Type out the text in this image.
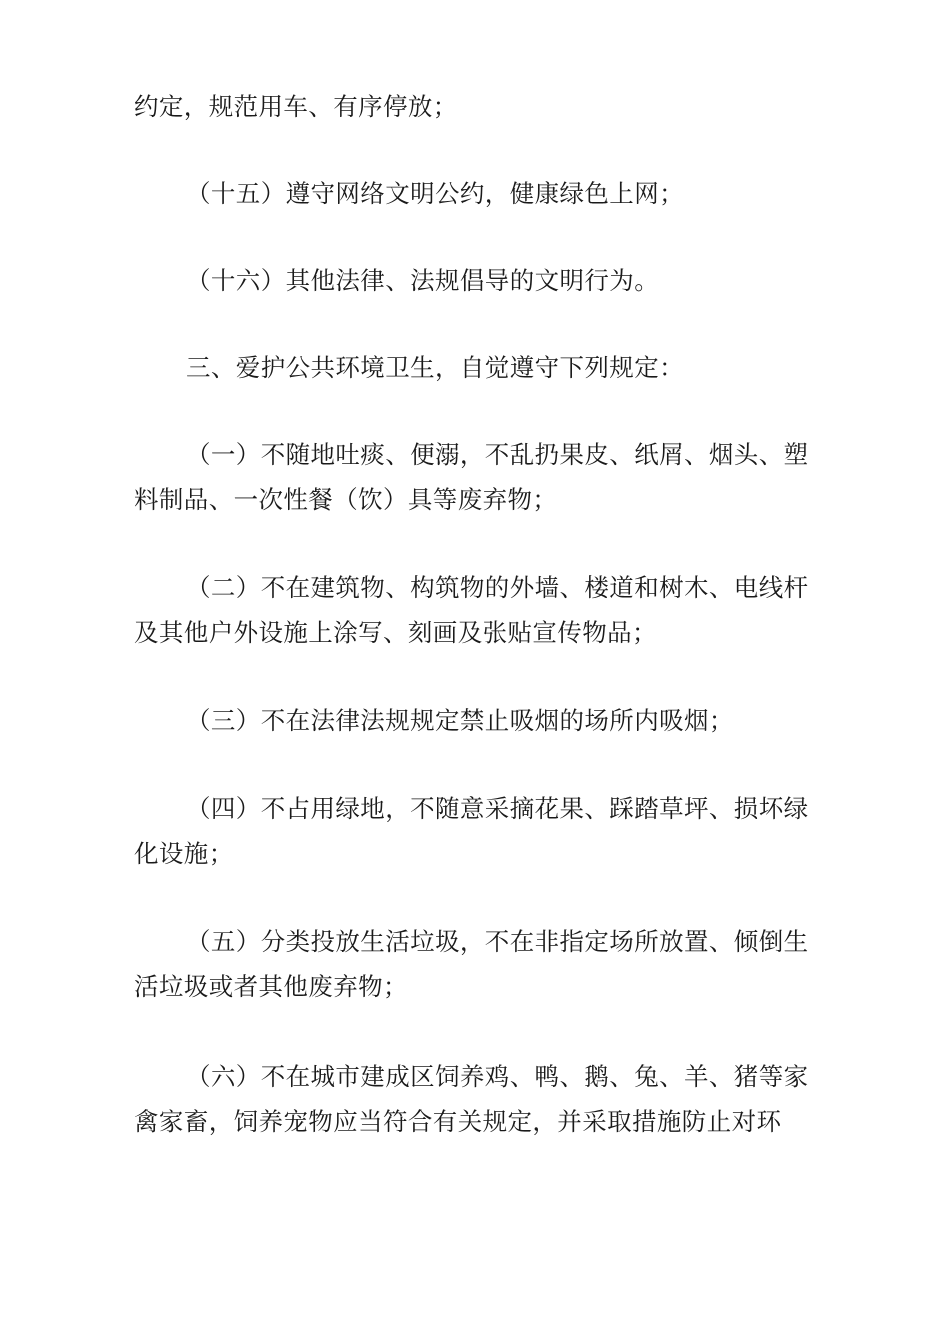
约定，规范用车、有序停放；
（十五）遵守网络文明公约，健康绿色上网；
（十六）其他法律、法规倡导的文明行为。
三、爱护公共环境卫生，自觉遵守下列规定：
（一）不随地吐痰、便溺，不乱扔果皮、纸屑、烟头、塑
料制品、一次性餐（饮）具等废弃物；
（二）不在建筑物、构筑物的外墙、楼道和树木、电线杆
及其他户外设施上涂写、刻画及张贴宣传物品；
（三）不在法律法规规定禁止吸烟的场所内吸烟；
（四）不占用绿地，不随意采摘花果、踩踏草坪、损坏绿
化设施；
（五）分类投放生活垃圾，不在非指定场所放置、倾倒生
活垃圾或者其他废弃物；
（六）不在城市建成区饲养鸡、鸭、鹅、兔、羊、猪等家
禽家畜，饲养宠物应当符合有关规定，并采取措施防止对环
